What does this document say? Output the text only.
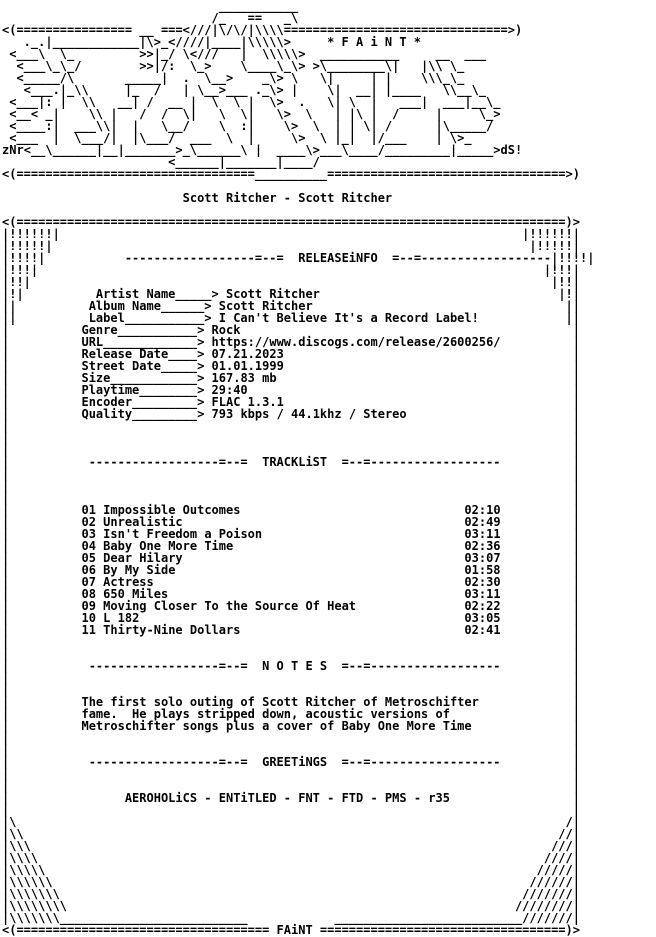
___________
/_   ==   _\
<(================ __ ===<///|\/\/|\\\\===============================>)
._.|____________|\>_<////|____|\\\\\>     * F A i N T *
<___\  \_         >>|_/ \<///   |  \\\\\>  ___________     __  ___
<___\_\_/        >>|/:  \_>    \____\_\> >\________\|   |\\ \_
<_____/\       _____|  .  \__>    _\> \   \|     | |    \\\_\_
<___.|_\\     |_  /   | \__>___ ._\> |    \|  __| |____   \\__\_
<___|: |  \\   __| /  __ |  \  \ |  \>  .   \| \  |   ___|  ___|__\_
<__< _|    \\ |   /  /  \|   \  \|   \>  \   | |\ |  /     |     \_>
<____:|  ___\\|  |   \__/    \  :|    \>  \  | | \| /      |\_____/
<___  |  \___/|  |\___/  ___  \  |     \>  \ |_|  |/___    | \>_
zNr<__\______|__|_______>_\______\ |  ____\>___\____/_________|_____>dS!
<______|_______|____/
<(=================================__________=================================>)
Scott Ritcher - Scott Ritcher
<(============================================================================)>
|!!!!!!|                                                                |!!!!!!|
|!!!!!|                                                                  |!!!!!|
|!!!!|           ------------------=--=  RELEASEiNFO  =--=------------------|!!!!|
|!!!|                                                                      |!!!|
|!!|                                                                        |!!|
|!|          Artist Name_____> Scott Ritcher                                 |!|
||          Album Name______> Scott Ritcher                                   ||
||          Label___________> I Can't Believe It's a Record Label!            ||
|          Genre___________> Rock                                              |
|          URL_____________> https://www.discogs.com/release/2600256/          |
|          Release Date____> 07.21.2023                                        |
|          Street Date_____> 01.01.1999                                        |
|          Size____________> 167.83 mb                                         |
|          Playtime________> 29:40                                             |
|          Encoder_________> FLAC 1.3.1                                        |
|          Quality_________> 793 kbps / 44.1khz / Stereo                       |
|                                                                              |
|                                                                              |
|                                                                              |
|           ------------------=--=  TRACKLiST  =--=------------------          |
|                                                                              |
|                                                                              |
|                                                                              |
|          01 Impossible Outcomes	02:10          |
|          02 Unrealistic	02:49          |
|          03 Isn't Freedom a Poison	03:11          |
|          04 Baby One More Time	02:36          |
|          05 Dear Hilary	03:07          |
|          06 By My Side	01:58          |
|          07 Actress	02:30          |
|          08 650 Miles	03:11          |
|          09 Moving Closer To the Source Of Heat	02:22          |
|          10 L 182	03:05          |
|          11 Thirty-Nine Dollars	02:41          |
|                                                                              |
|                                                                              |
|           ------------------=--=  N O T E S  =--=------------------          |
|                                                                              |
|                                                                              |
|          The first solo outing of Scott Ritcher of Metroschifter             |
|          fame.  He plays stripped down, acoustic versions of                 |
|          Metroschifter songs plus a cover of Baby One More Time              |
|                                                                              |
|                                                                              |
|           ------------------=--=  GREETiNGS  =--=------------------          |
|                                                                              |
|                                                                              |
|                AEROHOLiCS - ENTiTLED - FNT - FTD - PMS - r35                 |
|                                                                              |
|\                                                                            /|
|\\                                                                          //|
|\\\                                                                        ///|
|\\\\                                                                      ////|
|\\\\\                                                                    /////|
|\\\\\\                                                                  //////|
|\\\\\\\                                                                ///////|
|\\\\\\\\                                                              ////////|
|\\\\\\\__________________________            __________________________///////|
<(=================================== FAiNT ==================================)>
